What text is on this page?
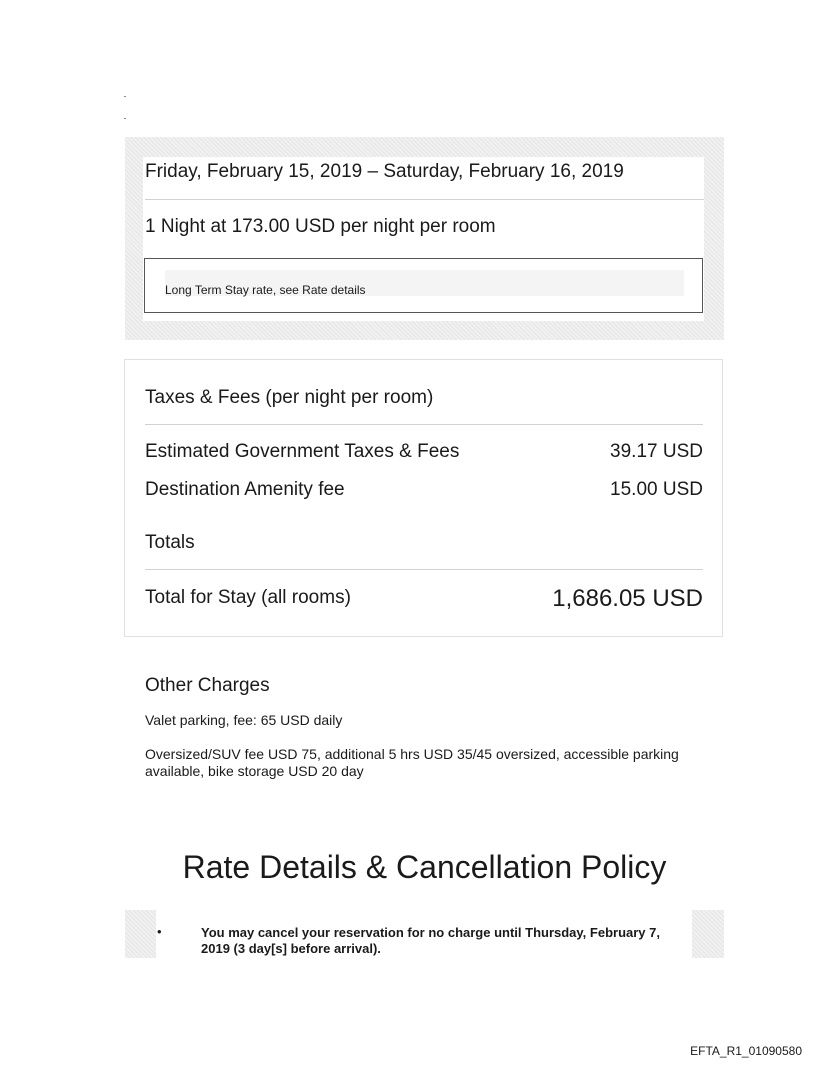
Friday, February 15, 2019 – Saturday, February 16, 2019
1 Night at 173.00 USD per night per room
Long Term Stay rate, see Rate details
Taxes & Fees (per night per room)
Estimated Government Taxes & Fees	39.17 USD
Destination Amenity fee	15.00 USD
Totals
Total for Stay (all rooms)	1,686.05 USD
Other Charges
Valet parking, fee: 65 USD daily
Oversized/SUV fee USD 75, additional 5 hrs USD 35/45 oversized, accessible parking available, bike storage USD 20 day
Rate Details & Cancellation Policy
•	You may cancel your reservation for no charge until Thursday, February 7, 2019 (3 day[s] before arrival).
EFTA_R1_01090580
